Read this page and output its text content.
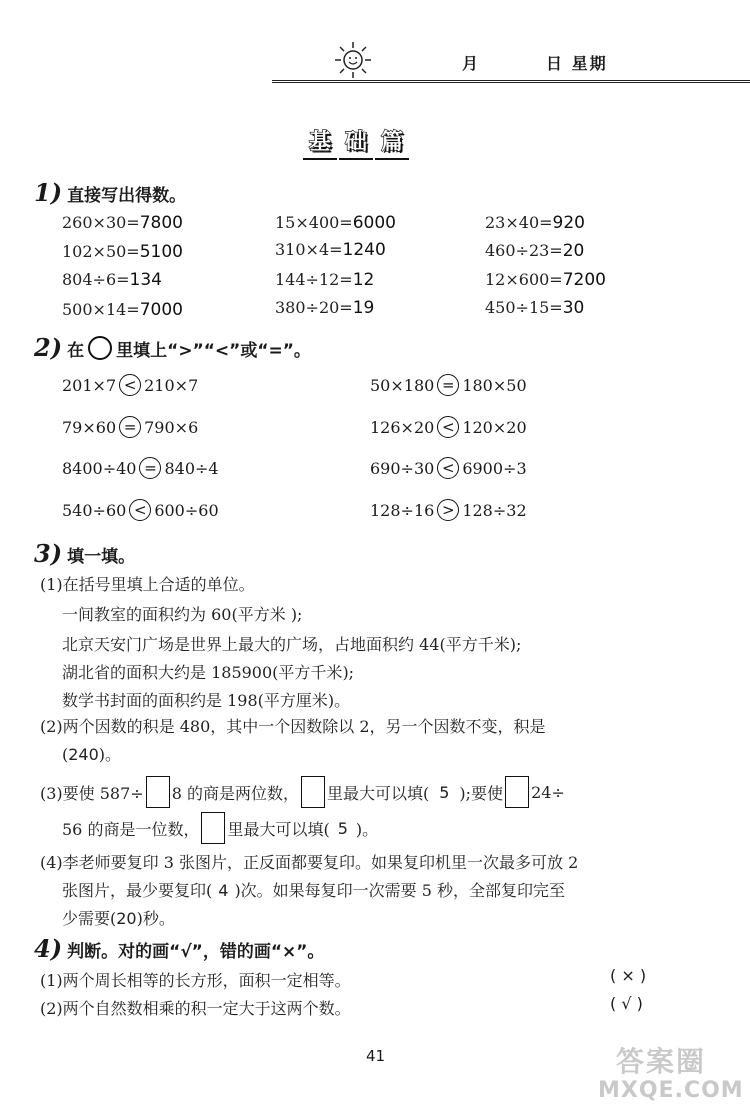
月	日 星期
基 础 篇
1) 直接写出得数。
260×30=7800	15×400=6000	23×40=920
102×50=5100	310×4=1240	460÷23=20
804÷6=134	144÷12=12	12×600=7200
500×14=7000	380÷20=19	450÷15=30
2) 在 里填上“>”“<”或“=”。
201×7 < 210×7	50×180 = 180×50
79×60 = 790×6	126×20 < 120×20
8400÷40 = 840÷4	690÷30 < 6900÷3
540÷60 < 600÷60	128÷16 > 128÷32
3) 填一填。
(1)在括号里填上合适的单位。
一间教室的面积约为 60(平方米 );
北京天安门广场是世界上最大的广场，占地面积约 44(平方千米);
湖北省的面积大约是 185900(平方千米);
数学书封面的面积约是 198(平方厘米)。
(2)两个因数的积是 480，其中一个因数除以 2，另一个因数不变，积是
(240)。
(3)要使 587÷ 8 的商是两位数， 里最大可以填( 5 );要使 24÷
56 的商是一位数， 里最大可以填( 5 )。
(4)李老师要复印 3 张图片，正反面都要复印。如果复印机里一次最多可放 2
张图片，最少要复印( 4 )次。如果每复印一次需要 5 秒，全部复印完至
少需要(20)秒。
4) 判断。对的画“√”，错的画“×”。
(1)两个周长相等的长方形，面积一定相等。	( × )
(2)两个自然数相乘的积一定大于这两个数。	( √ )
41	答案圈
MXQE.COM
